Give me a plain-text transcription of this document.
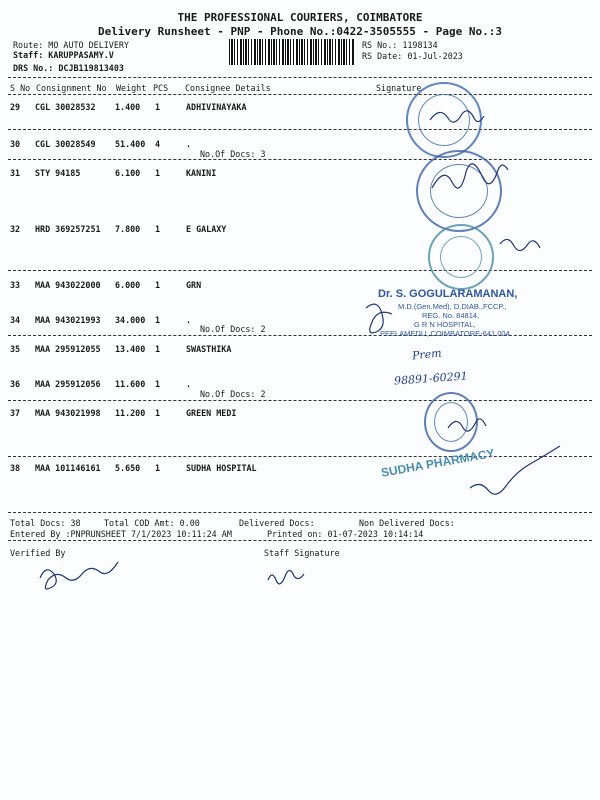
THE PROFESSIONAL COURIERS, COIMBATORE
Delivery Runsheet - PNP - Phone No.:0422-3505555 - Page No.:3
Route: MO AUTO DELIVERY
Staff: KARUPPASAMY.V
DRS No.: DCJB119813403
RS No.: 1198134
RS Date: 01-Jul-2023
S No Consignment No Weight PCS Consignee Details	Signature
29 CGL 30028532 1.400 1	ADHIVINAYAKA
30 CGL 30028549 51.400 4	.
No.Of Docs: 3
31 STY 94185	6.100 1	KANINI
32 HRD 369257251 7.800 1	E GALAXY
33 MAA 943022000 6.000 1	GRN
34 MAA 943021993 34.000 1	.
No.Of Docs: 2
35 MAA 295912055 13.400 1	SWASTHIKA
36 MAA 295912056 11.600 1	.
No.Of Docs: 2
37 MAA 943021998 11.200 1	GREEN MEDI
38 MAA 101146161 5.650 1	SUDHA HOSPITAL
Total Docs: 38	Total COD Amt: 0.00	Delivered Docs:	Non Delivered Docs:
Entered By :PNPRUNSHEET 7/1/2023 10:11:24 AM	Printed on: 01-07-2023 10:14:14
Verified By	Staff Signature
Dr. S. GOGULARAMANAN,
M.D.(Gen.Med), D.DIAB.,FCCP.,
REG. No. 84814,
G R N HOSPITAL,
PEELAMEDU, COIMBATORE-641 004.
SUDHA PHARMACY
Prem
98891-60291
